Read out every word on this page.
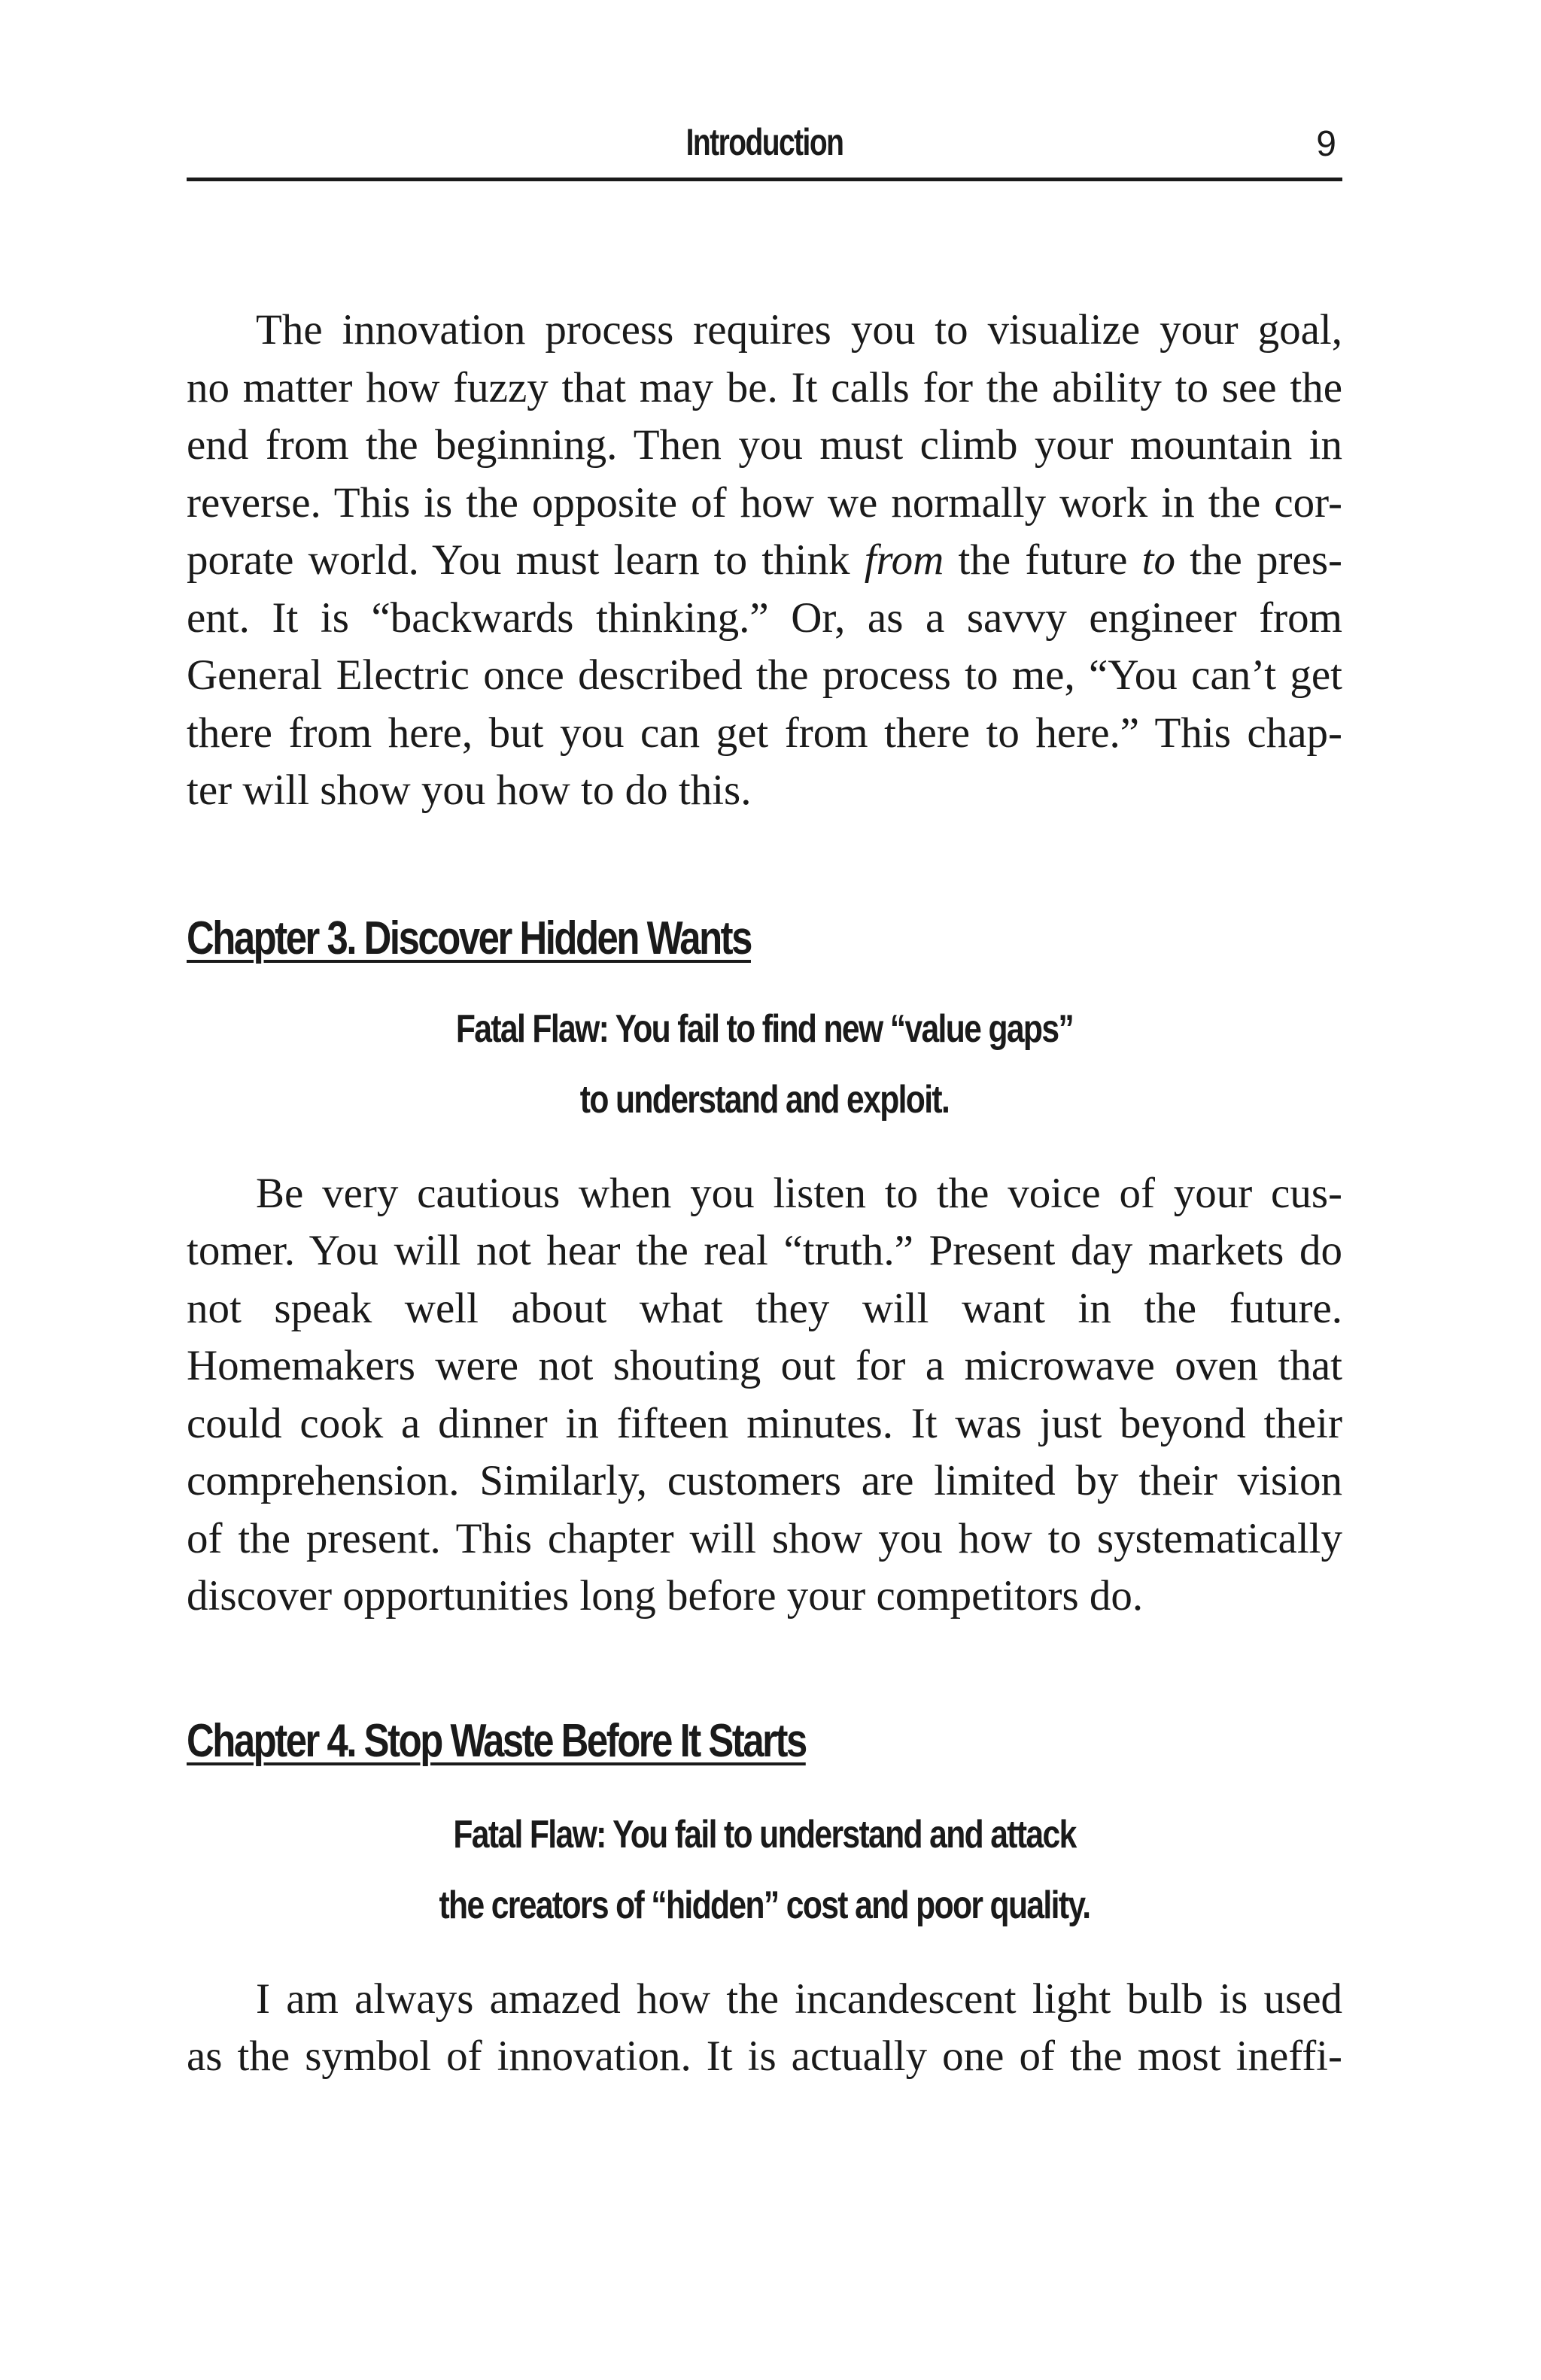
Introduction	9

The innovation process requires you to visualize your goal,
no matter how fuzzy that may be. It calls for the ability to see the
end from the beginning. Then you must climb your mountain in
reverse. This is the opposite of how we normally work in the cor-
porate world. You must learn to think from the future to the pres-
ent. It is “backwards thinking.” Or, as a savvy engineer from
General Electric once described the process to me, “You can’t get
there from here, but you can get from there to here.” This chap-
ter will show you how to do this.

Chapter 3. Discover Hidden Wants
Fatal Flaw: You fail to find new “value gaps”
to understand and exploit.

Be very cautious when you listen to the voice of your cus-
tomer. You will not hear the real “truth.” Present day markets do
not speak well about what they will want in the future.
Homemakers were not shouting out for a microwave oven that
could cook a dinner in fifteen minutes. It was just beyond their
comprehension. Similarly, customers are limited by their vision
of the present. This chapter will show you how to systematically
discover opportunities long before your competitors do.

Chapter 4. Stop Waste Before It Starts
Fatal Flaw: You fail to understand and attack
the creators of “hidden” cost and poor quality.

I am always amazed how the incandescent light bulb is used
as the symbol of innovation. It is actually one of the most ineffi-
